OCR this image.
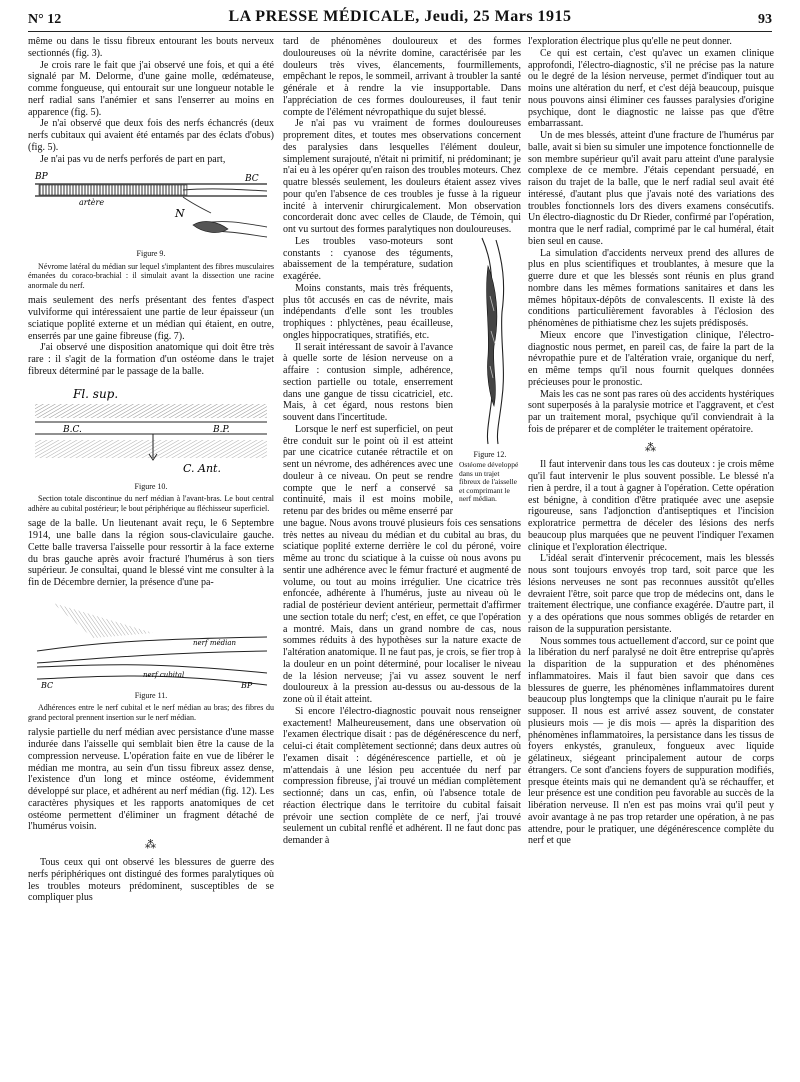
N° 12	LA PRESSE MÉDICALE, Jeudi, 25 Mars 1915	93

même ou dans le tissu fibreux entourant les bouts nerveux sectionnés (fig. 3).

Je crois rare le fait que j'ai observé une fois, et qui a été signalé par M. Delorme, d'une gaine molle, œdémateuse, comme fongueuse, qui entourait sur une longueur notable le nerf radial sans l'anémier et sans l'enserrer au moins en apparence (fig. 5).

Je n'ai observé que deux fois des nerfs échancrés (deux nerfs cubitaux qui avaient été entamés par des éclats d'obus) (fig. 5).

Je n'ai pas vu de nerfs perforés de part en part,

BP	BC
artère
N
Figure 9.
Névrome latéral du médian sur lequel s'implantent des fibres musculaires émanées du coraco-brachial : il simulait avant la dissection une racine anormale du nerf.

mais seulement des nerfs présentant des fentes d'aspect vulviforme qui intéressaient une partie de leur épaisseur (un sciatique poplité externe et un médian qui étaient, en outre, enserrés par une gaine fibreuse (fig. 7).

J'ai observé une disposition anatomique qui doit être très rare : il s'agit de la formation d'un ostéome dans le trajet fibreux déterminé par le passage de la balle.

Fl. sup.
B.C.	B.P.
C. Ant.
Figure 10.
Section totale discontinue du nerf médian à l'avant-bras. Le bout central adhère au cubital postérieur; le bout périphérique au fléchisseur superficiel.

sage de la balle. Un lieutenant avait reçu, le 6 Septembre 1914, une balle dans la région sous-claviculaire gauche. Cette balle traversa l'aisselle pour ressortir à la face externe du bras gauche après avoir fracturé l'humérus à son tiers supérieur. Je consultai, quand le blessé vint me consulter à la fin de Décembre dernier, la présence d'une pa-

nerf médian
nerf cubital
BC	BP
Figure 11.
Adhérences entre le nerf cubital et le nerf médian au bras; des fibres du grand pectoral prennent insertion sur le nerf médian.

ralysie partielle du nerf médian avec persistance d'une masse indurée dans l'aisselle qui semblait bien être la cause de la compression nerveuse. L'opération faite en vue de libérer le médian me montra, au sein d'un tissu fibreux assez dense, l'existence d'un long et mince ostéome, évidemment développé sur place, et adhérent au nerf médian (fig. 12). Les caractères physiques et les rapports anatomiques de cet ostéome permettent d'éliminer un fragment détaché de l'humérus voisin.

⁂

Tous ceux qui ont observé les blessures de guerre des nerfs périphériques ont distingué des formes paralytiques où les troubles moteurs prédominent, susceptibles de se compliquer plus

tard de phénomènes douloureux et des formes douloureuses où la névrite domine, caractérisée par les douleurs très vives, élancements, fourmillements, empêchant le repos, le sommeil, arrivant à troubler la santé générale et à rendre la vie insupportable. Dans l'appréciation de ces formes douloureuses, il faut tenir compte de l'élément névropathique du sujet blessé.

Je n'ai pas vu vraiment de formes douloureuses proprement dites, et toutes mes observations concernent des paralysies dans lesquelles l'élément douleur, simplement surajouté, n'était ni primitif, ni prédominant; je n'ai eu à les opérer qu'en raison des troubles moteurs. Chez quatre blessés seulement, les douleurs étaient assez vives pour qu'en l'absence de ces troubles je fusse à la rigueur incité à intervenir chirurgicalement. Mon observation concorderait donc avec celles de Claude, de Témoin, qui ont vu surtout des formes paralytiques non douloureuses.

Figure 12.
Ostéome développé dans un trajet fibreux de l'aisselle et comprimant le nerf médian.

Les troubles vaso-moteurs sont constants : cyanose des téguments, abaissement de la température, sudation exagérée.

Moins constants, mais très fréquents, plus tôt accusés en cas de névrite, mais indépendants d'elle sont les troubles trophiques : phlyctènes, peau écailleuse, ongles hippocratiques, stratifiés, etc.

Il serait intéressant de savoir à l'avance à quelle sorte de lésion nerveuse on a affaire : contusion simple, adhérence, section partielle ou totale, enserrement dans une gangue de tissu cicatriciel, etc. Mais, à cet égard, nous restons bien souvent dans l'incertitude.

Lorsque le nerf est superficiel, on peut être conduit sur le point où il est atteint par une cicatrice cutanée rétractile et on sent un névrome, des adhérences avec une douleur à ce niveau. On peut se rendre compte que le nerf a conservé sa continuité, mais il est moins mobile, retenu par des brides ou même enserré par une bague. Nous avons trouvé plusieurs fois ces sensations très nettes au niveau du médian et du cubital au bras, du sciatique poplité externe derrière le col du péroné, voire même au tronc du sciatique à la cuisse où nous avons pu sentir une adhérence avec le fémur fracturé et augmenté de volume, ou tout au moins irrégulier. Une cicatrice très enfoncée, adhérente à l'humérus, juste au niveau où le radial de postérieur devient antérieur, permettait d'affirmer une section totale du nerf; c'est, en effet, ce que l'opération a montré. Mais, dans un grand nombre de cas, nous sommes réduits à des hypothèses sur la nature exacte de l'altération anatomique. Il ne faut pas, je crois, se fier trop à la douleur en un point déterminé, pour localiser le niveau de la lésion nerveuse; j'ai vu assez souvent le nerf douloureux à la pression au-dessus ou au-dessous de la zone où il était atteint.

Si encore l'électro-diagnostic pouvait nous renseigner exactement! Malheureusement, dans une observation où l'examen électrique disait : pas de dégénérescence du nerf, celui-ci était complètement sectionné; dans deux autres où l'examen disait : dégénérescence partielle, et où je m'attendais à une lésion peu accentuée du nerf par compression fibreuse, j'ai trouvé un médian complètement sectionné; dans un cas, enfin, où l'absence totale de réaction électrique dans le territoire du cubital faisait prévoir une section complète de ce nerf, j'ai trouvé seulement un cubital renflé et adhérent. Il ne faut donc pas demander à

l'exploration électrique plus qu'elle ne peut donner.

Ce qui est certain, c'est qu'avec un examen clinique approfondi, l'électro-diagnostic, s'il ne précise pas la nature ou le degré de la lésion nerveuse, permet d'indiquer tout au moins une altération du nerf, et c'est déjà beaucoup, puisque nous pouvons ainsi éliminer ces fausses paralysies d'origine psychique, dont le diagnostic ne laisse pas que d'être embarrassant.

Un de mes blessés, atteint d'une fracture de l'humérus par balle, avait si bien su simuler une impotence fonctionnelle de son membre supérieur qu'il avait paru atteint d'une paralysie complexe de ce membre. J'étais cependant persuadé, en raison du trajet de la balle, que le nerf radial seul avait été intéressé, d'autant plus que j'avais noté des variations des troubles fonctionnels lors des divers examens consécutifs. Un électro-diagnostic du Dr Rieder, confirmé par l'opération, montra que le nerf radial, comprimé par le cal huméral, était bien seul en cause.

La simulation d'accidents nerveux prend des allures de plus en plus scientifiques et troublantes, à mesure que la guerre dure et que les blessés sont réunis en plus grand nombre dans les mêmes formations sanitaires et dans les mêmes hôpitaux-dépôts de convalescents. Il existe là des conditions particulièrement favorables à l'éclosion des phénomènes de pithiatisme chez les sujets prédisposés.

Mieux encore que l'investigation clinique, l'électro-diagnostic nous permet, en pareil cas, de faire la part de la névropathie pure et de l'altération vraie, organique du nerf, en même temps qu'il nous fournit quelques données précieuses pour le pronostic.

Mais les cas ne sont pas rares où des accidents hystériques sont superposés à la paralysie motrice et l'aggravent, et c'est par un traitement moral, psychique qu'il conviendrait à la fois de préparer et de compléter le traitement opératoire.

⁂

Il faut intervenir dans tous les cas douteux : je crois même qu'il faut intervenir le plus souvent possible. Le blessé n'a rien à perdre, il a tout à gagner à l'opération. Cette opération est bénigne, à condition d'être pratiquée avec une asepsie rigoureuse, sans l'adjonction d'antiseptiques et l'incision exploratrice permettra de déceler des lésions des nerfs beaucoup plus marquées que ne peuvent l'indiquer l'examen clinique et l'exploration électrique.

L'idéal serait d'intervenir précocement, mais les blessés nous sont toujours envoyés trop tard, soit parce que les lésions nerveuses ne sont pas reconnues aussitôt qu'elles devraient l'être, soit parce que trop de médecins ont, dans le traitement électrique, une confiance exagérée. D'autre part, il y a des opérations que nous sommes obligés de retarder en raison de la suppuration persistante.

Nous sommes tous actuellement d'accord, sur ce point que la libération du nerf paralysé ne doit être entreprise qu'après la disparition de la suppuration et des phénomènes inflammatoires. Mais il faut bien savoir que dans ces blessures de guerre, les phénomènes inflammatoires durent beaucoup plus longtemps que la clinique n'aurait pu le faire supposer. Il nous est arrivé assez souvent, de constater plusieurs mois — je dis mois — après la disparition des phénomènes inflammatoires, la persistance dans les tissus de foyers enkystés, granuleux, fongueux avec liquide gélatineux, siégeant principalement autour de corps étrangers. Ce sont d'anciens foyers de suppuration modifiés, presque éteints mais qui ne demandent qu'à se réchauffer, et leur présence est une condition peu favorable au succès de la libération nerveuse. Il n'en est pas moins vrai qu'il peut y avoir avantage à ne pas trop retarder une opération, à ne pas attendre, pour le pratiquer, une dégénérescence complète du nerf et que
